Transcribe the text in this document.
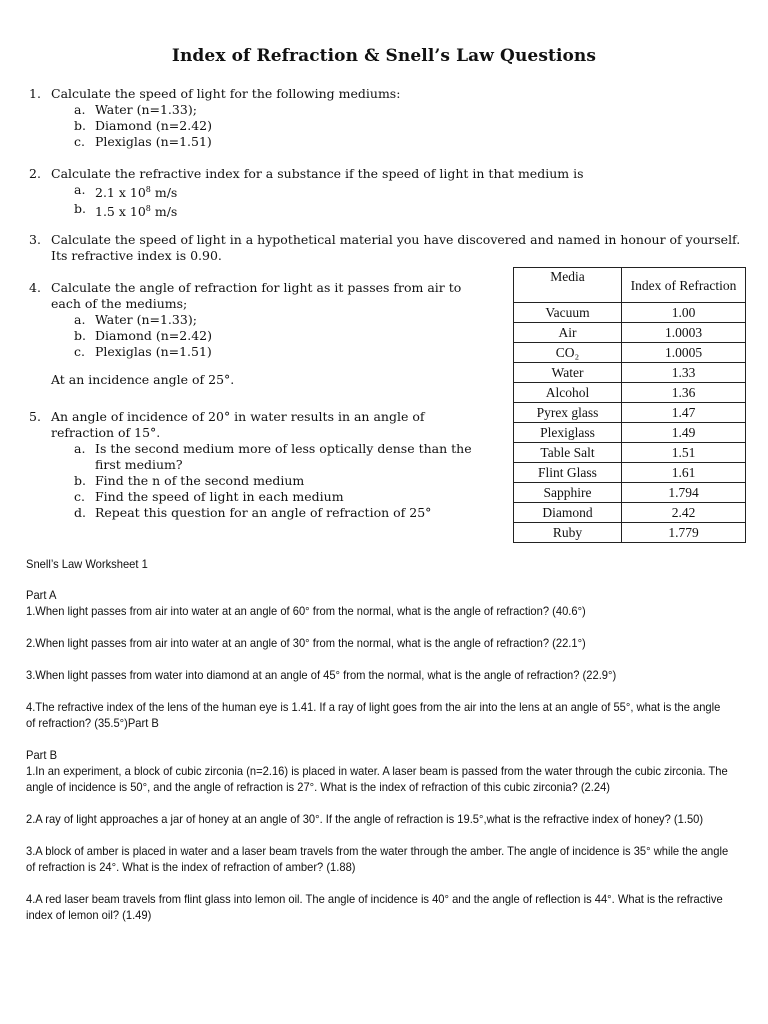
Index of Refraction & Snell’s Law Questions
1. Calculate the speed of light for the following mediums:
a. Water (n=1.33);
b. Diamond (n=2.42)
c. Plexiglas (n=1.51)
2. Calculate the refractive index for a substance if the speed of light in that medium is
a. 2.1 x $10^8$ m/s
b. 1.5 x $10^8$ m/s
3. Calculate the speed of light in a hypothetical material you have discovered and named in honour of yourself. Its refractive index is 0.90.
4. Calculate the angle of refraction for light as it passes from air to each of the mediums;
a. Water (n=1.33);
b. Diamond (n=2.42)
c. Plexiglas (n=1.51)
At an incidence angle of 25°.
5. An angle of incidence of 20° in water results in an angle of refraction of 15°.
a. Is the second medium more of less optically dense than the first medium?
b. Find the n of the second medium
c. Find the speed of light in each medium
d. Repeat this question for an angle of refraction of 25°
Media	Index of Refraction
Vacuum	1.00
Air	1.0003
CO₂	1.0005
Water	1.33
Alcohol	1.36
Pyrex glass	1.47
Plexiglass	1.49
Table Salt	1.51
Flint Glass	1.61
Sapphire	1.794
Diamond	2.42
Ruby	1.779

Snell’s Law Worksheet 1

Part A

1.When light passes from air into water at an angle of 60° from the normal, what is the angle of refraction? (40.6°)

2.When light passes from air into water at an angle of 30° from the normal, what is the angle of refraction? (22.1°)

3.When light passes from water into diamond at an angle of 45° from the normal, what is the angle of refraction? (22.9°)

4.The refractive index of the lens of the human eye is 1.41. If a ray of light goes from the air into the lens at an angle of 55°, what is the angle of refraction? (35.5°)Part B

Part B

1.In an experiment, a block of cubic zirconia (n=2.16) is placed in water. A laser beam is passed from the water through the cubic zirconia. The angle of incidence is 50°, and the angle of refraction is 27°. What is the index of refraction of this cubic zirconia? (2.24)

2.A ray of light approaches a jar of honey at an angle of 30°. If the angle of refraction is 19.5°,what is the refractive index of honey? (1.50)

3.A block of amber is placed in water and a laser beam travels from the water through the amber. The angle of incidence is 35° while the angle of refraction is 24°. What is the index of refraction of amber? (1.88)

4.A red laser beam travels from flint glass into lemon oil. The angle of incidence is 40° and the angle of reflection is 44°. What is the refractive index of lemon oil? (1.49)
